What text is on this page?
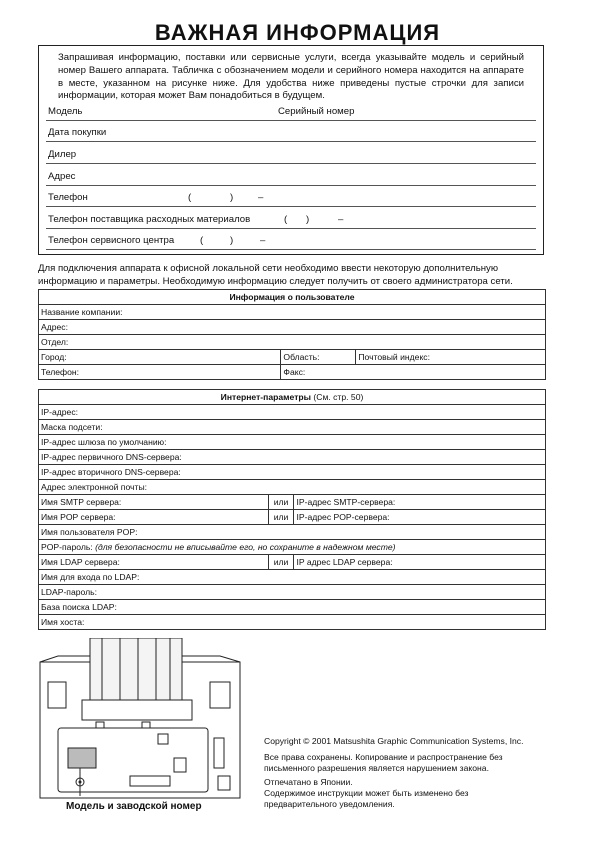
ВАЖНАЯ ИНФОРМАЦИЯ
Запрашивая информацию, поставки или сервисные услуги, всегда указывайте модель и серийный номер Вашего аппарата. Табличка с обозначением модели и серийного номера находится на аппарате в месте, указанном на рисунке ниже. Для удобства ниже приведены пустые строчки для записи информации, которая может Вам понадобиться в будущем.
Модель	Серийный номер
Дата покупки
Дилер
Адрес
Телефон	(	)	–
Телефон поставщика расходных материалов	( )	–
Телефон сервисного центра	(	)	–
Для подключения аппарата к офисной локальной сети необходимо ввести некоторую дополнительную информацию и параметры. Необходимую информацию следует получить от своего администратора сети.
Информация о пользователе		
Название компании:		
Адрес:		
Отдел:		
Город:	Область:	Почтовый индекс:
Телефон:	Факс:	
Интернет-параметры (См. стр. 50)		
IP-адрес:		
Маска подсети:		
IP-адрес шлюза по умолчанию:		
IP-адрес первичного DNS-сервера:		
IP-адрес вторичного DNS-сервера:		
Адрес электронной почты:		
Имя SMTP сервера:	или	IP-адрес SMTP-сервера:
Имя POP сервера:	или	IP-адрес POP-сервера:
Имя пользователя POP:		
POP-пароль: (для безопасности не вписывайте его, но сохраните в надежном месте)		
Имя LDAP сервера:	или	IP адрес LDAP сервера:
Имя для входа по LDAP:		
LDAP-пароль:		
База поиска LDAP:		
Имя хоста:		
Модель и заводской номер
Copyright © 2001 Matsushita Graphic Communication Systems, Inc.
Все права сохранены. Копирование и распространение без письменного разрешения является нарушением закона.
Отпечатано в Японии.
Содержимое инструкции может быть изменено без предварительного уведомления.
